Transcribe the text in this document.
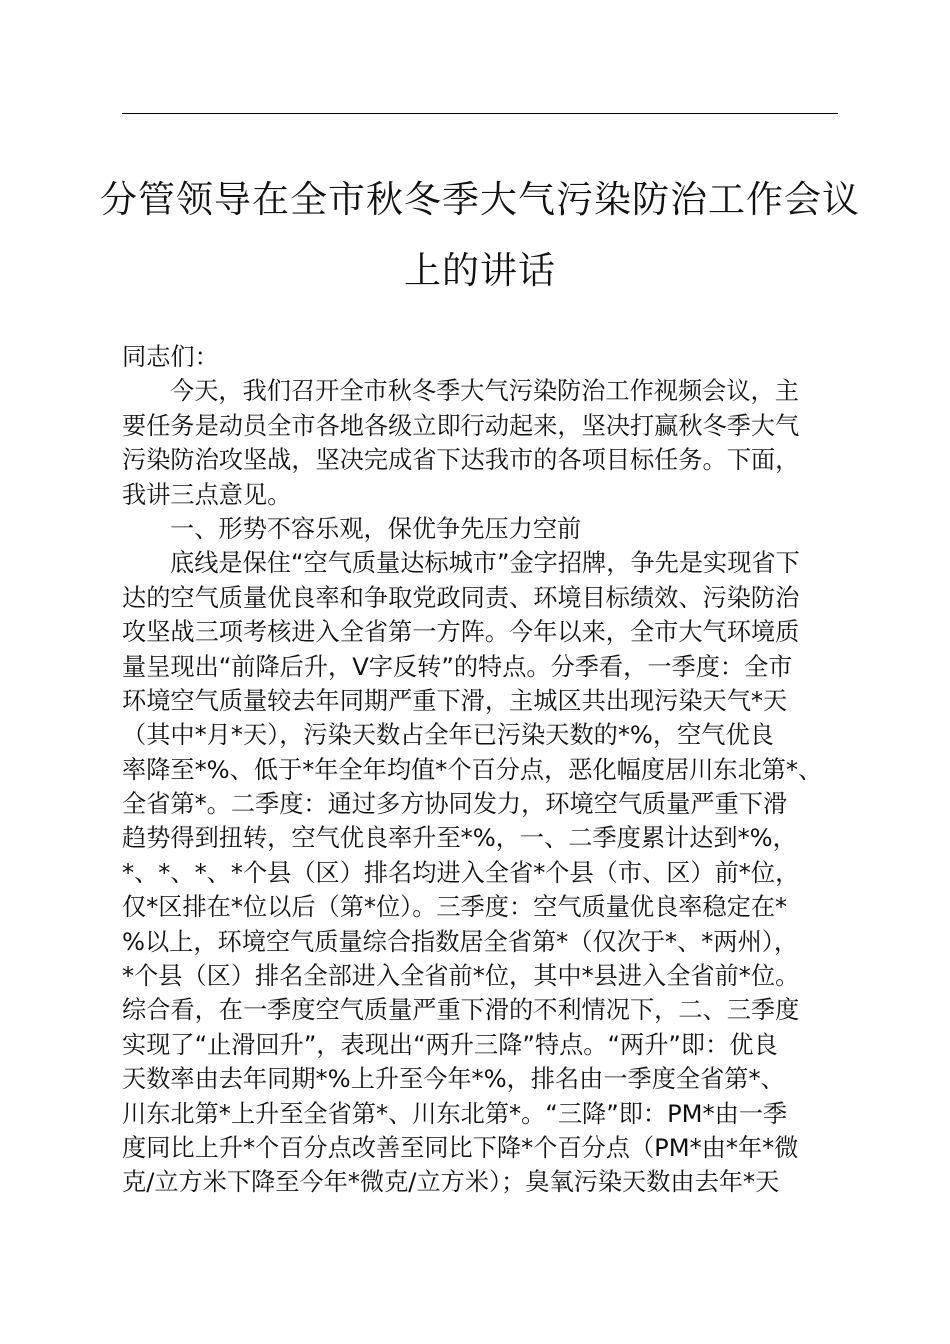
分管领导在全市秋冬季大气污染防治工作会议
上的讲话
同志们：
今天，我们召开全市秋冬季大气污染防治工作视频会议，主
要任务是动员全市各地各级立即行动起来，坚决打赢秋冬季大气
污染防治攻坚战，坚决完成省下达我市的各项目标任务。下面，
我讲三点意见。
一、形势不容乐观，保优争先压力空前
底线是保住“空气质量达标城市”金字招牌，争先是实现省下
达的空气质量优良率和争取党政同责、环境目标绩效、污染防治
攻坚战三项考核进入全省第一方阵。今年以来，全市大气环境质
量呈现出“前降后升，V字反转”的特点。分季看，一季度：全市
环境空气质量较去年同期严重下滑，主城区共出现污染天气*天
（其中*月*天），污染天数占全年已污染天数的*%，空气优良
率降至*%、低于*年全年均值*个百分点，恶化幅度居川东北第*、
全省第*。二季度：通过多方协同发力，环境空气质量严重下滑
趋势得到扭转，空气优良率升至*%，一、二季度累计达到*%，
*、*、*、*个县（区）排名均进入全省*个县（市、区）前*位，
仅*区排在*位以后（第*位）。三季度：空气质量优良率稳定在*
%以上，环境空气质量综合指数居全省第*（仅次于*、*两州），
*个县（区）排名全部进入全省前*位，其中*县进入全省前*位。
综合看，在一季度空气质量严重下滑的不利情况下，二、三季度
实现了“止滑回升”，表现出“两升三降”特点。“两升”即：优良
天数率由去年同期*%上升至今年*%，排名由一季度全省第*、
川东北第*上升至全省第*、川东北第*。“三降”即：PM*由一季
度同比上升*个百分点改善至同比下降*个百分点（PM*由*年*微
克/立方米下降至今年*微克/立方米）；臭氧污染天数由去年*天
